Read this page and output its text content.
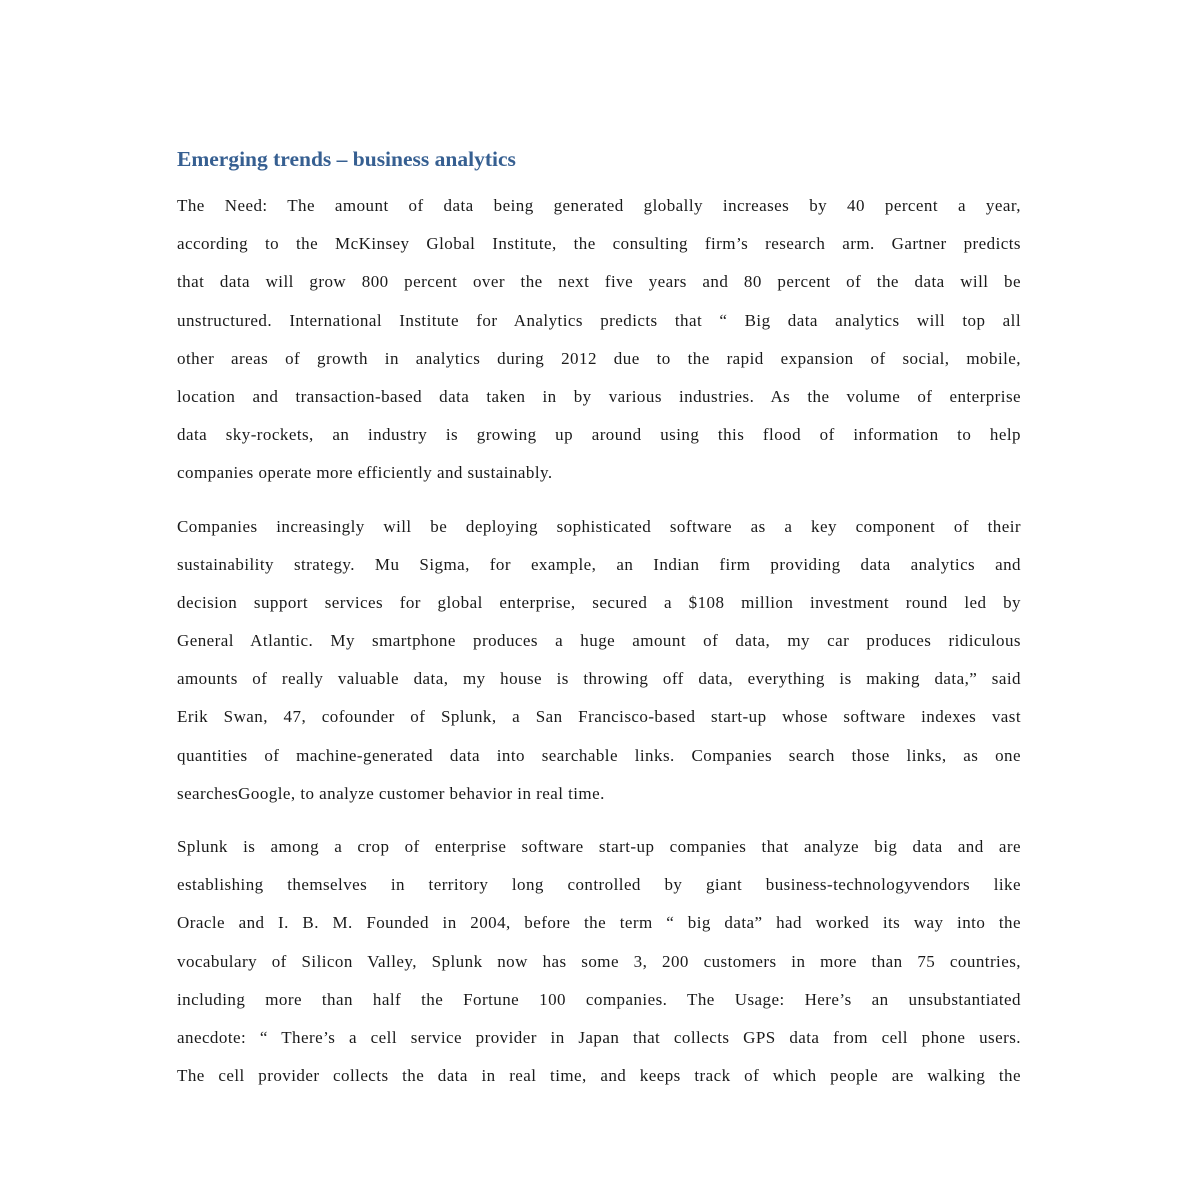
Emerging trends – business analytics
The Need: The amount of data being generated globally increases by 40 percent a year,
according to the McKinsey Global Institute, the consulting firm’s research arm. Gartner predicts
that data will grow 800 percent over the next five years and 80 percent of the data will be
unstructured. International Institute for Analytics predicts that “ Big data analytics will top all
other areas of growth in analytics during 2012 due to the rapid expansion of social, mobile,
location and transaction-based data taken in by various industries. As the volume of enterprise
data sky-rockets, an industry is growing up around using this flood of information to help
companies operate more efficiently and sustainably.
Companies increasingly will be deploying sophisticated software as a key component of their
sustainability strategy. Mu Sigma, for example, an Indian firm providing data analytics and
decision support services for global enterprise, secured a $108 million investment round led by
General Atlantic. My smartphone produces a huge amount of data, my car produces ridiculous
amounts of really valuable data, my house is throwing off data, everything is making data,” said
Erik Swan, 47, cofounder of Splunk, a San Francisco-based start-up whose software indexes vast
quantities of machine-generated data into searchable links. Companies search those links, as one
searchesGoogle, to analyze customer behavior in real time.
Splunk is among a crop of enterprise software start-up companies that analyze big data and are
establishing themselves in territory long controlled by giant business-technologyvendors like
Oracle and I. B. M. Founded in 2004, before the term “ big data” had worked its way into the
vocabulary of Silicon Valley, Splunk now has some 3, 200 customers in more than 75 countries,
including more than half the Fortune 100 companies. The Usage: Here’s an unsubstantiated
anecdote: “ There’s a cell service provider in Japan that collects GPS data from cell phone users.
The cell provider collects the data in real time, and keeps track of which people are walking the
